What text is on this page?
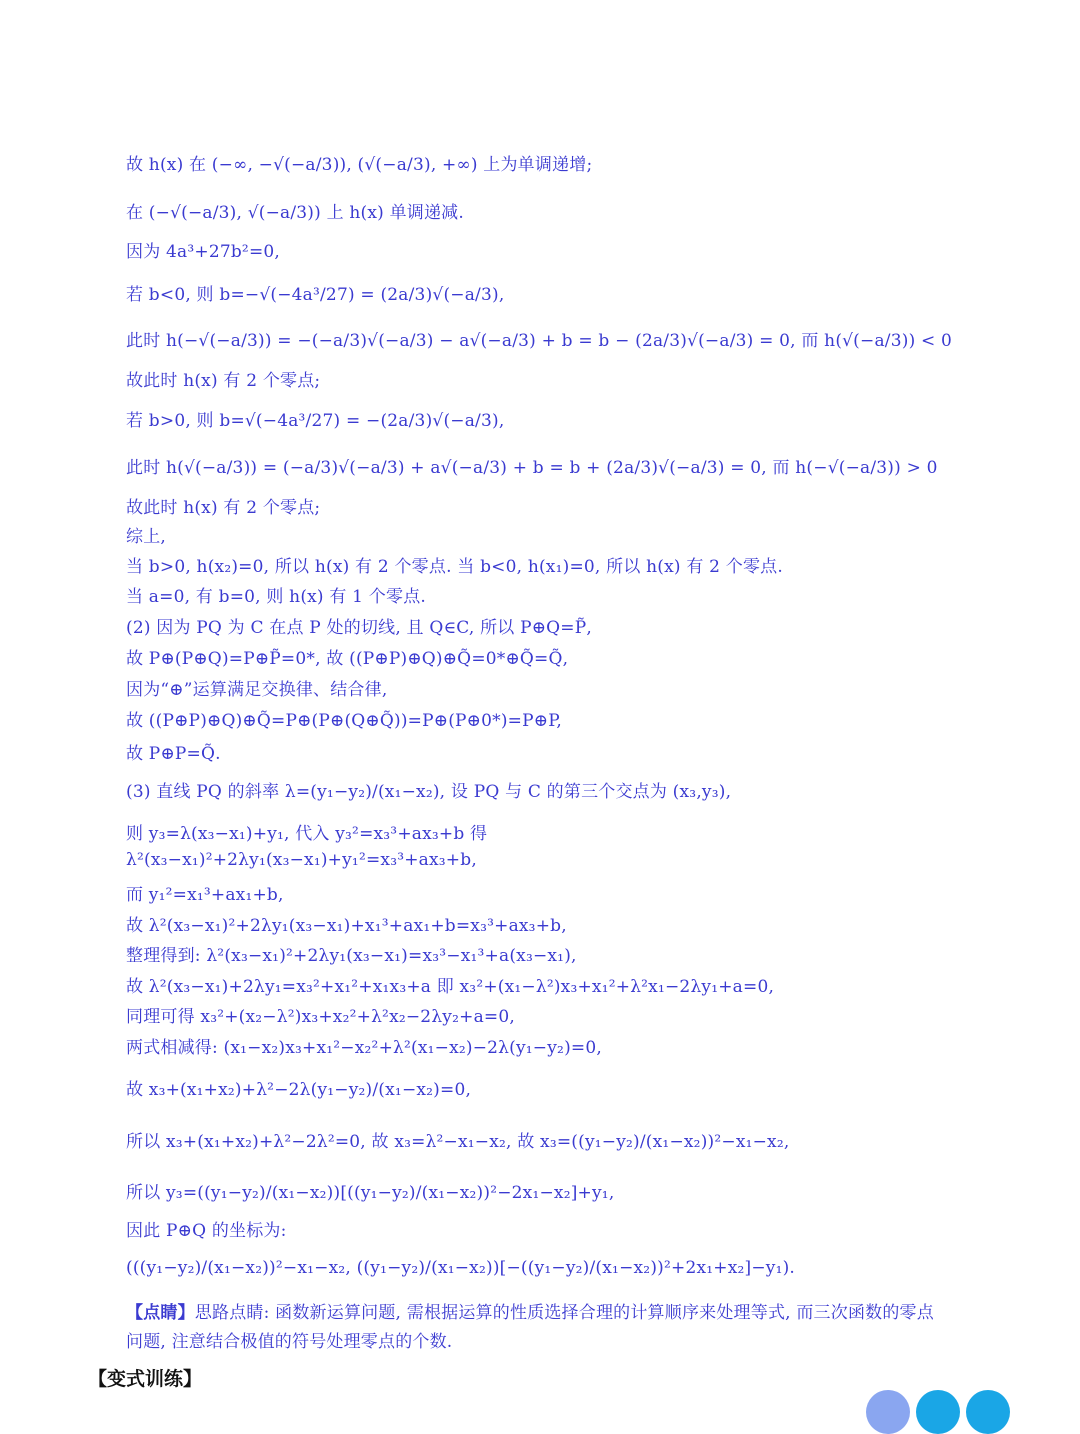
故 h(x) 在 (−∞, −√(−a/3)), (√(−a/3), +∞) 上为单调递增;
在 (−√(−a/3), √(−a/3)) 上 h(x) 单调递减.
因为 4a³+27b²=0,
若 b<0, 则 b=−√(−4a³/27) = (2a/3)√(−a/3),
此时 h(−√(−a/3)) = −(−a/3)√(−a/3) − a√(−a/3) + b = b − (2a/3)√(−a/3) = 0, 而 h(√(−a/3)) < 0
故此时 h(x) 有 2 个零点;
若 b>0, 则 b=√(−4a³/27) = −(2a/3)√(−a/3),
此时 h(√(−a/3)) = (−a/3)√(−a/3) + a√(−a/3) + b = b + (2a/3)√(−a/3) = 0, 而 h(−√(−a/3)) > 0
故此时 h(x) 有 2 个零点;
综上,
当 b>0, h(x₂)=0, 所以 h(x) 有 2 个零点. 当 b<0, h(x₁)=0, 所以 h(x) 有 2 个零点.
当 a=0, 有 b=0, 则 h(x) 有 1 个零点.
(2) 因为 PQ 为 C 在点 P 处的切线, 且 Q∈C, 所以 P⊕Q=P̃,
故 P⊕(P⊕Q)=P⊕P̃=0*, 故 ((P⊕P)⊕Q)⊕Q̃=0*⊕Q̃=Q̃,
因为“⊕”运算满足交换律、结合律,
故 ((P⊕P)⊕Q)⊕Q̃=P⊕(P⊕(Q⊕Q̃))=P⊕(P⊕0*)=P⊕P,
故 P⊕P=Q̃.
(3) 直线 PQ 的斜率 λ=(y₁−y₂)/(x₁−x₂), 设 PQ 与 C 的第三个交点为 (x₃,y₃),
则 y₃=λ(x₃−x₁)+y₁, 代入 y₃²=x₃³+ax₃+b 得
λ²(x₃−x₁)²+2λy₁(x₃−x₁)+y₁²=x₃³+ax₃+b,
而 y₁²=x₁³+ax₁+b,
故 λ²(x₃−x₁)²+2λy₁(x₃−x₁)+x₁³+ax₁+b=x₃³+ax₃+b,
整理得到: λ²(x₃−x₁)²+2λy₁(x₃−x₁)=x₃³−x₁³+a(x₃−x₁),
故 λ²(x₃−x₁)+2λy₁=x₃²+x₁²+x₁x₃+a 即 x₃²+(x₁−λ²)x₃+x₁²+λ²x₁−2λy₁+a=0,
同理可得 x₃²+(x₂−λ²)x₃+x₂²+λ²x₂−2λy₂+a=0,
两式相减得: (x₁−x₂)x₃+x₁²−x₂²+λ²(x₁−x₂)−2λ(y₁−y₂)=0,
故 x₃+(x₁+x₂)+λ²−2λ(y₁−y₂)/(x₁−x₂)=0,
所以 x₃+(x₁+x₂)+λ²−2λ²=0, 故 x₃=λ²−x₁−x₂, 故 x₃=((y₁−y₂)/(x₁−x₂))²−x₁−x₂,
所以 y₃=((y₁−y₂)/(x₁−x₂))[((y₁−y₂)/(x₁−x₂))²−2x₁−x₂]+y₁,
因此 P⊕Q 的坐标为:
(((y₁−y₂)/(x₁−x₂))²−x₁−x₂, ((y₁−y₂)/(x₁−x₂))[−((y₁−y₂)/(x₁−x₂))²+2x₁+x₂]−y₁).
【点睛】思路点睛: 函数新运算问题, 需根据运算的性质选择合理的计算顺序来处理等式, 而三次函数的零点
问题, 注意结合极值的符号处理零点的个数.
【变式训练】
